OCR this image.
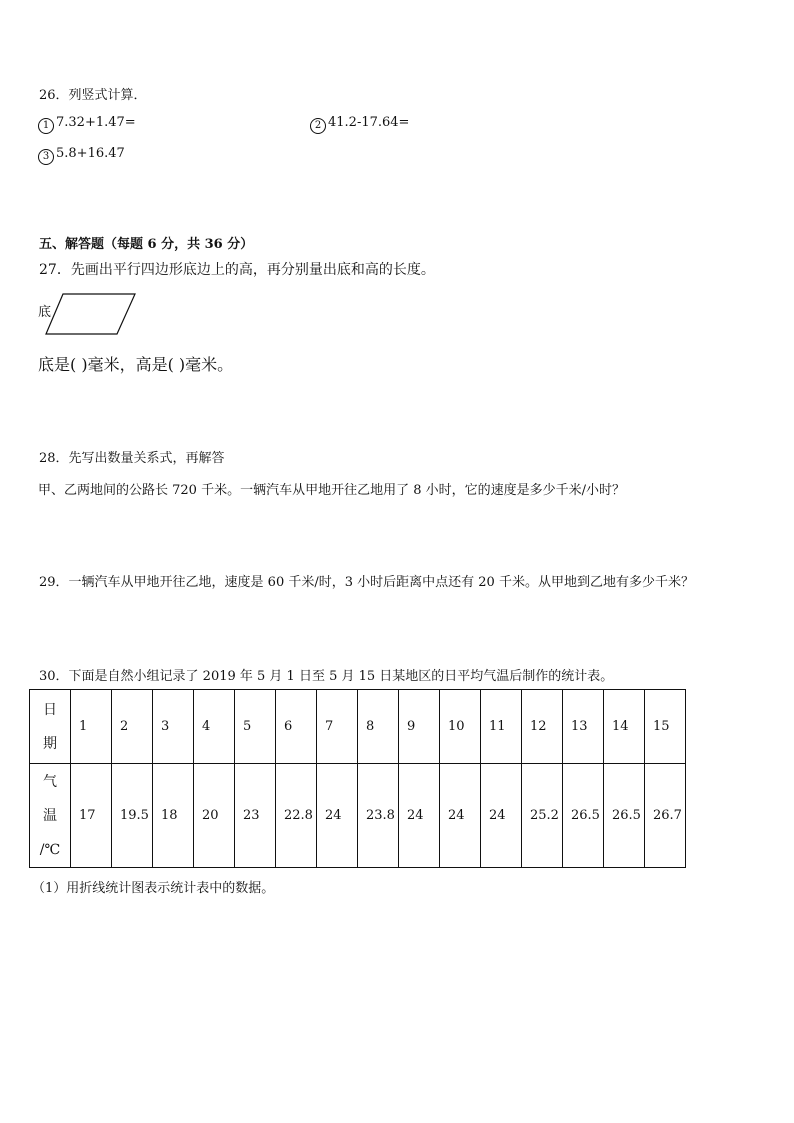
26．列竖式计算．
1 7.32+1.47=	2 41.2-17.64=
3 5.8+16.47
五、解答题（每题 6 分，共 36 分）
27．先画出平行四边形底边上的高，再分别量出底和高的长度。
底
底是( )毫米，高是( )毫米。
28．先写出数量关系式，再解答
甲、乙两地间的公路长 720 千米。一辆汽车从甲地开往乙地用了 8 小时，它的速度是多少千米/小时？
29．一辆汽车从甲地开往乙地，速度是 60 千米/时，3 小时后距离中点还有 20 千米。从甲地到乙地有多少千米？
30．下面是自然小组记录了 2019 年 5 月 1 日至 5 月 15 日某地区的日平均气温后制作的统计表。
日
期	1	2	3	4	5	6	7	8	9	10	11	12	13	14	15

气
温
/℃	17	19.5	18	20	23	22.8	24	23.8	24	24	24	25.2	26.5	26.5	26.7
（1）用折线统计图表示统计表中的数据。
